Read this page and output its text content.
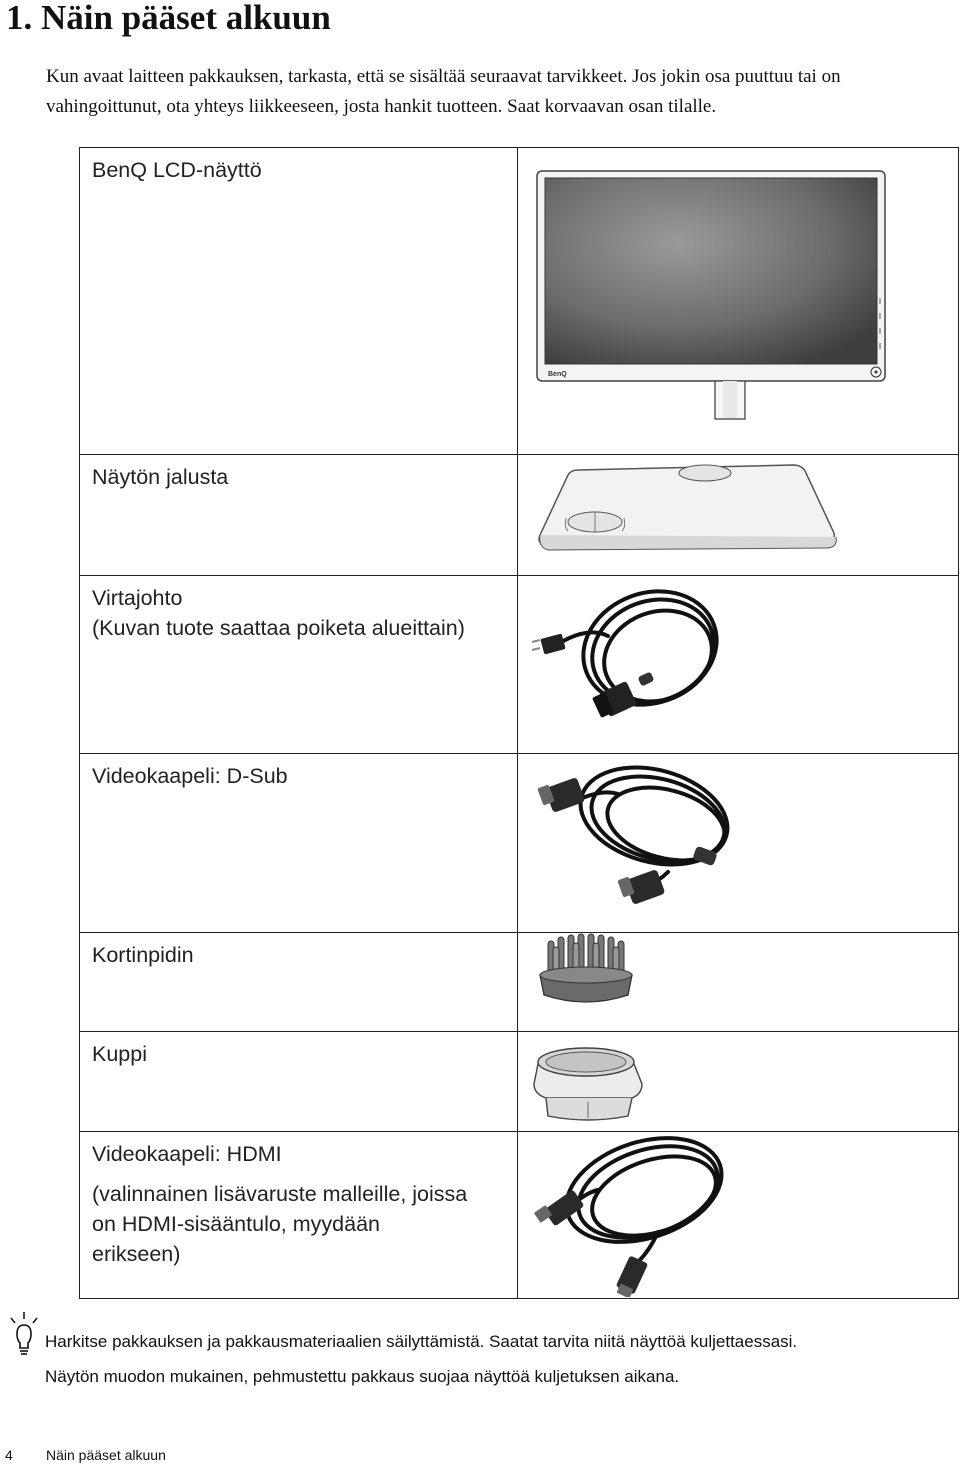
1. Näin pääset alkuun

Kun avaat laitteen pakkauksen, tarkasta, että se sisältää seuraavat tarvikkeet. Jos jokin osa puuttuu tai on vahingoittunut, ota yhteys liikkeeseen, josta hankit tuotteen. Saat korvaavan osan tilalle.

BenQ LCD-näyttö	BenQ

Näytön jalusta

Virtajohto
(Kuvan tuote saattaa poiketa alueittain)

Videokaapeli: D-Sub

Kortinpidin

Kuppi

Videokaapeli: HDMI
(valinnainen lisävaruste malleille, joissa
on HDMI-sisääntulo, myydään
erikseen)

Harkitse pakkauksen ja pakkausmateriaalien säilyttämistä. Saatat tarvita niitä näyttöä kuljettaessasi.
Näytön muodon mukainen, pehmustettu pakkaus suojaa näyttöä kuljetuksen aikana.

4 Näin pääset alkuun
